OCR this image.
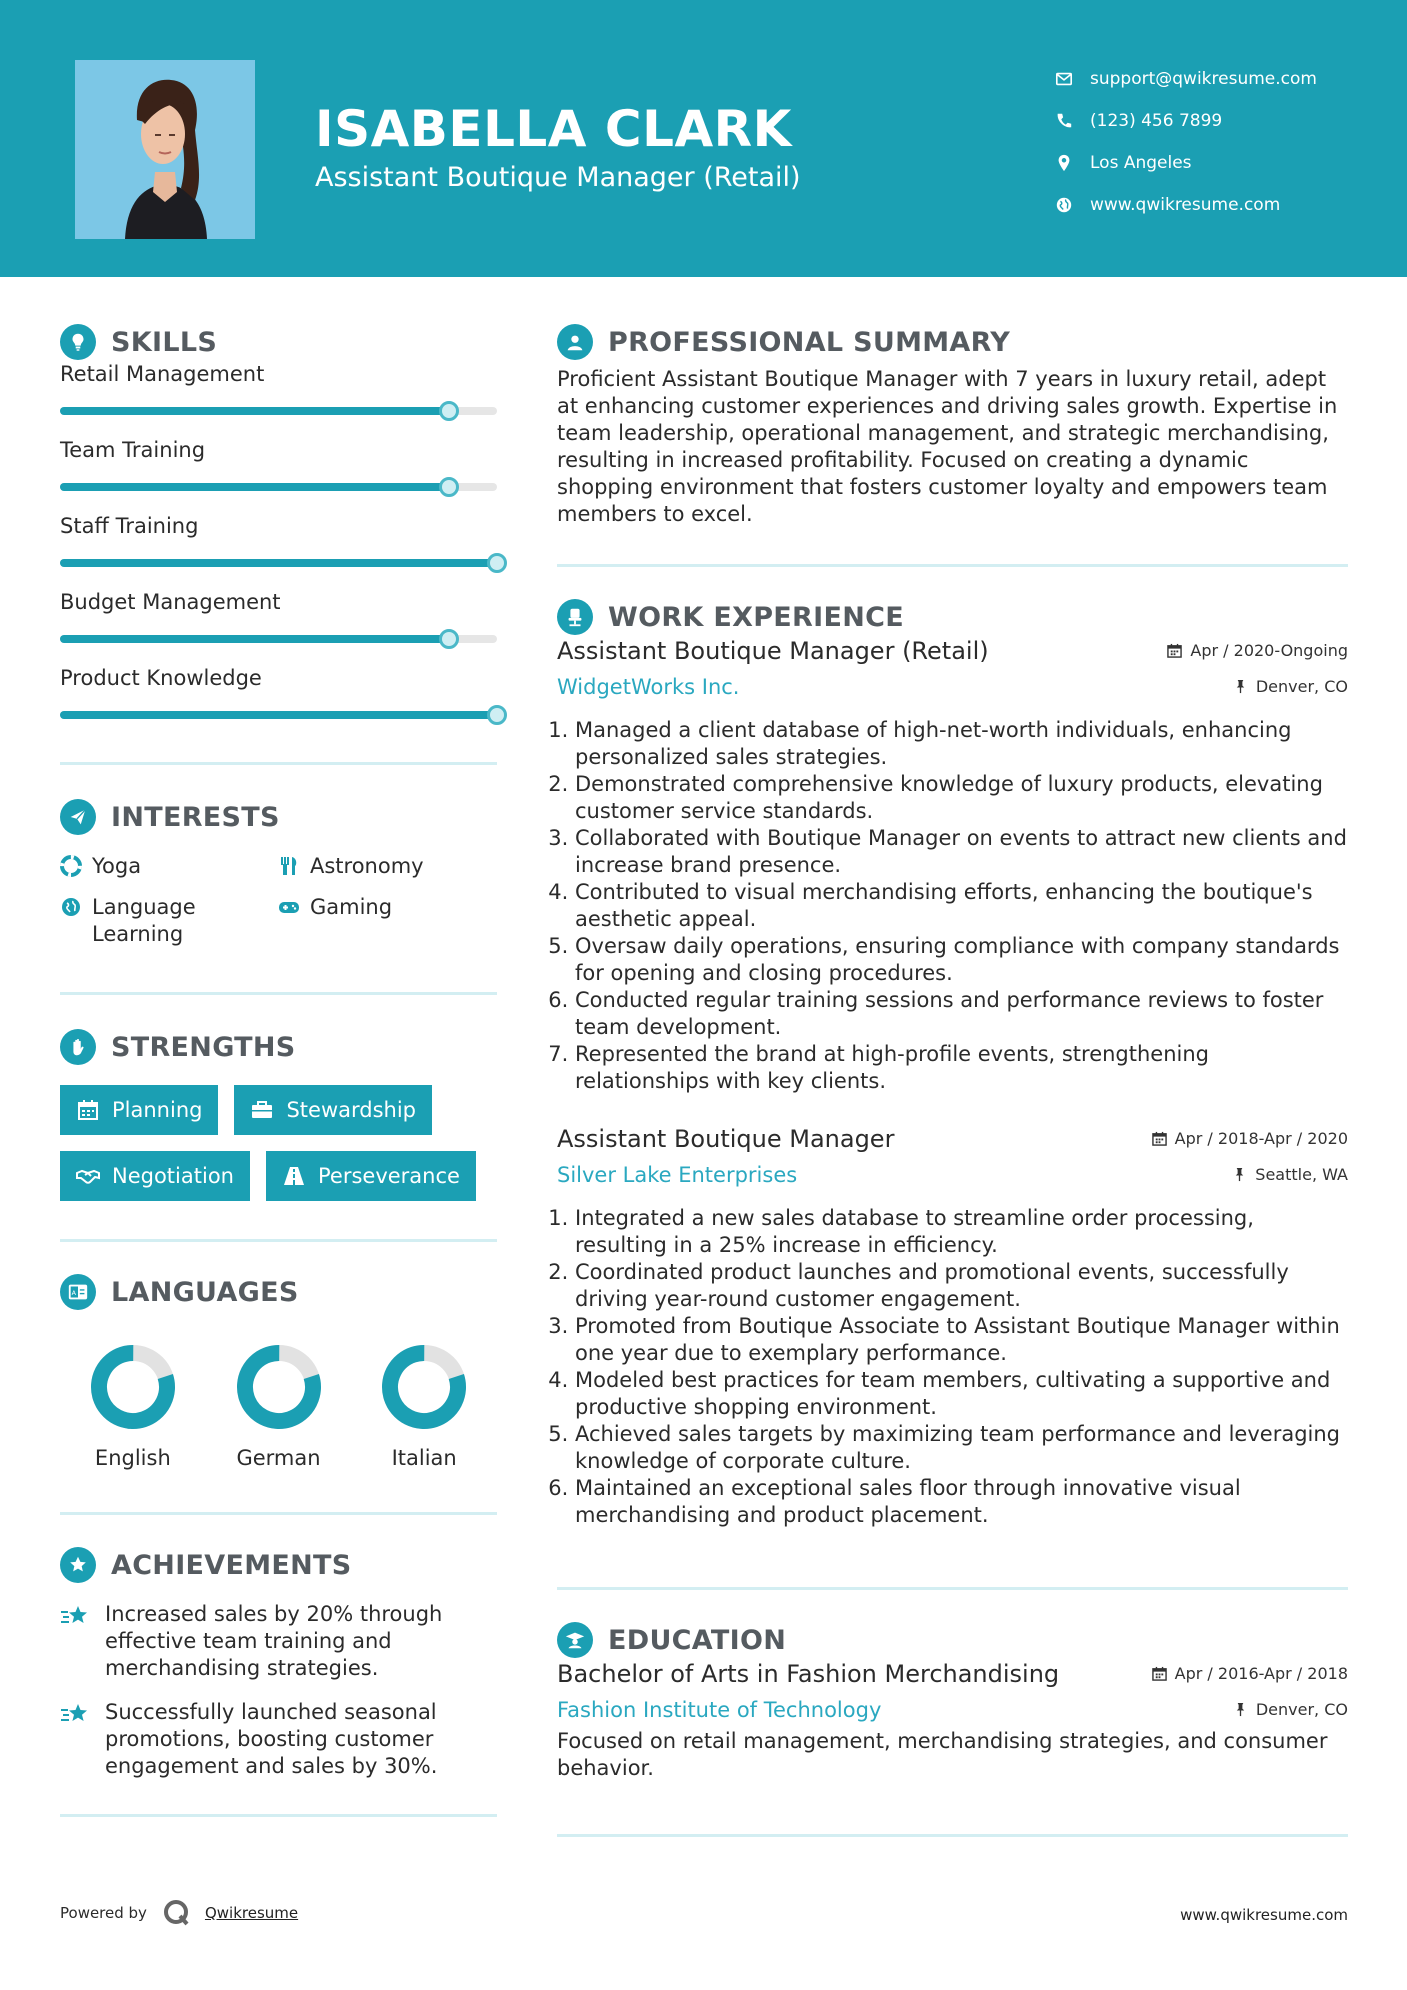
ISABELLA CLARK
Assistant Boutique Manager (Retail)
support@qwikresume.com
(123) 456 7899
Los Angeles
www.qwikresume.com
SKILLS
Retail Management
Team Training
Staff Training
Budget Management
Product Knowledge
INTERESTS
Yoga	Astronomy
Language Learning
Gaming
STRENGTHS
Planning	Stewardship
Negotiation	Perseverance
A LANGUAGES
English	German	Italian
ACHIEVEMENTS
Increased sales by 20% through effective team training and merchandising strategies.
Successfully launched seasonal promotions, boosting customer engagement and sales by 30%.
PROFESSIONAL SUMMARY

Proficient Assistant Boutique Manager with 7 years in luxury retail, adept at enhancing customer experiences and driving sales growth. Expertise in team leadership, operational management, and strategic merchandising, resulting in increased profitability. Focused on creating a dynamic shopping environment that fosters customer loyalty and empowers team members to excel.

WORK EXPERIENCE
Assistant Boutique Manager (Retail)
WidgetWorks Inc.
Apr / 2020-Ongoing
Denver, CO
1. Managed a client database of high-net-worth individuals, enhancing personalized sales strategies.
2. Demonstrated comprehensive knowledge of luxury products, elevating customer service standards.
3. Collaborated with Boutique Manager on events to attract new clients and increase brand presence.
4. Contributed to visual merchandising efforts, enhancing the boutique's aesthetic appeal.
5. Oversaw daily operations, ensuring compliance with company standards for opening and closing procedures.
6. Conducted regular training sessions and performance reviews to foster team development.
7. Represented the brand at high-profile events, strengthening relationships with key clients.
Assistant Boutique Manager
Silver Lake Enterprises
Apr / 2018-Apr / 2020
Seattle, WA
1. Integrated a new sales database to streamline order processing, resulting in a 25% increase in efficiency.
2. Coordinated product launches and promotional events, successfully driving year-round customer engagement.
3. Promoted from Boutique Associate to Assistant Boutique Manager within one year due to exemplary performance.
4. Modeled best practices for team members, cultivating a supportive and productive shopping environment.
5. Achieved sales targets by maximizing team performance and leveraging knowledge of corporate culture.
6. Maintained an exceptional sales floor through innovative visual merchandising and product placement.
EDUCATION
Bachelor of Arts in Fashion Merchandising
Fashion Institute of Technology
Apr / 2016-Apr / 2018
Denver, CO

Focused on retail management, merchandising strategies, and consumer behavior.

Powered by	Qwikresume	www.qwikresume.com
